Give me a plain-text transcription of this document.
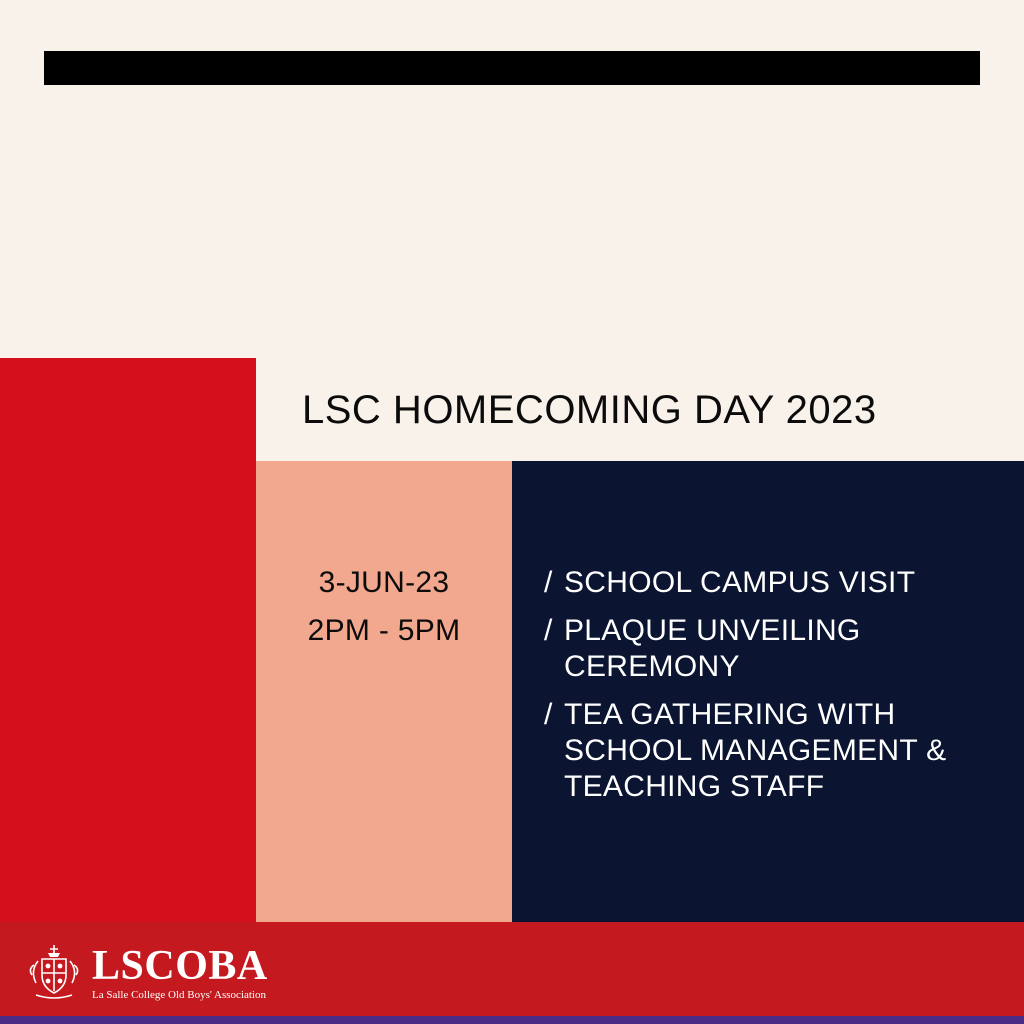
LSC HOMECOMING DAY 2023
3-JUN-23
2PM - 5PM
/ SCHOOL CAMPUS VISIT
/ PLAQUE UNVEILING CEREMONY
/ TEA GATHERING WITH SCHOOL MANAGEMENT & TEACHING STAFF
LSCOBA
La Salle College Old Boys' Association
